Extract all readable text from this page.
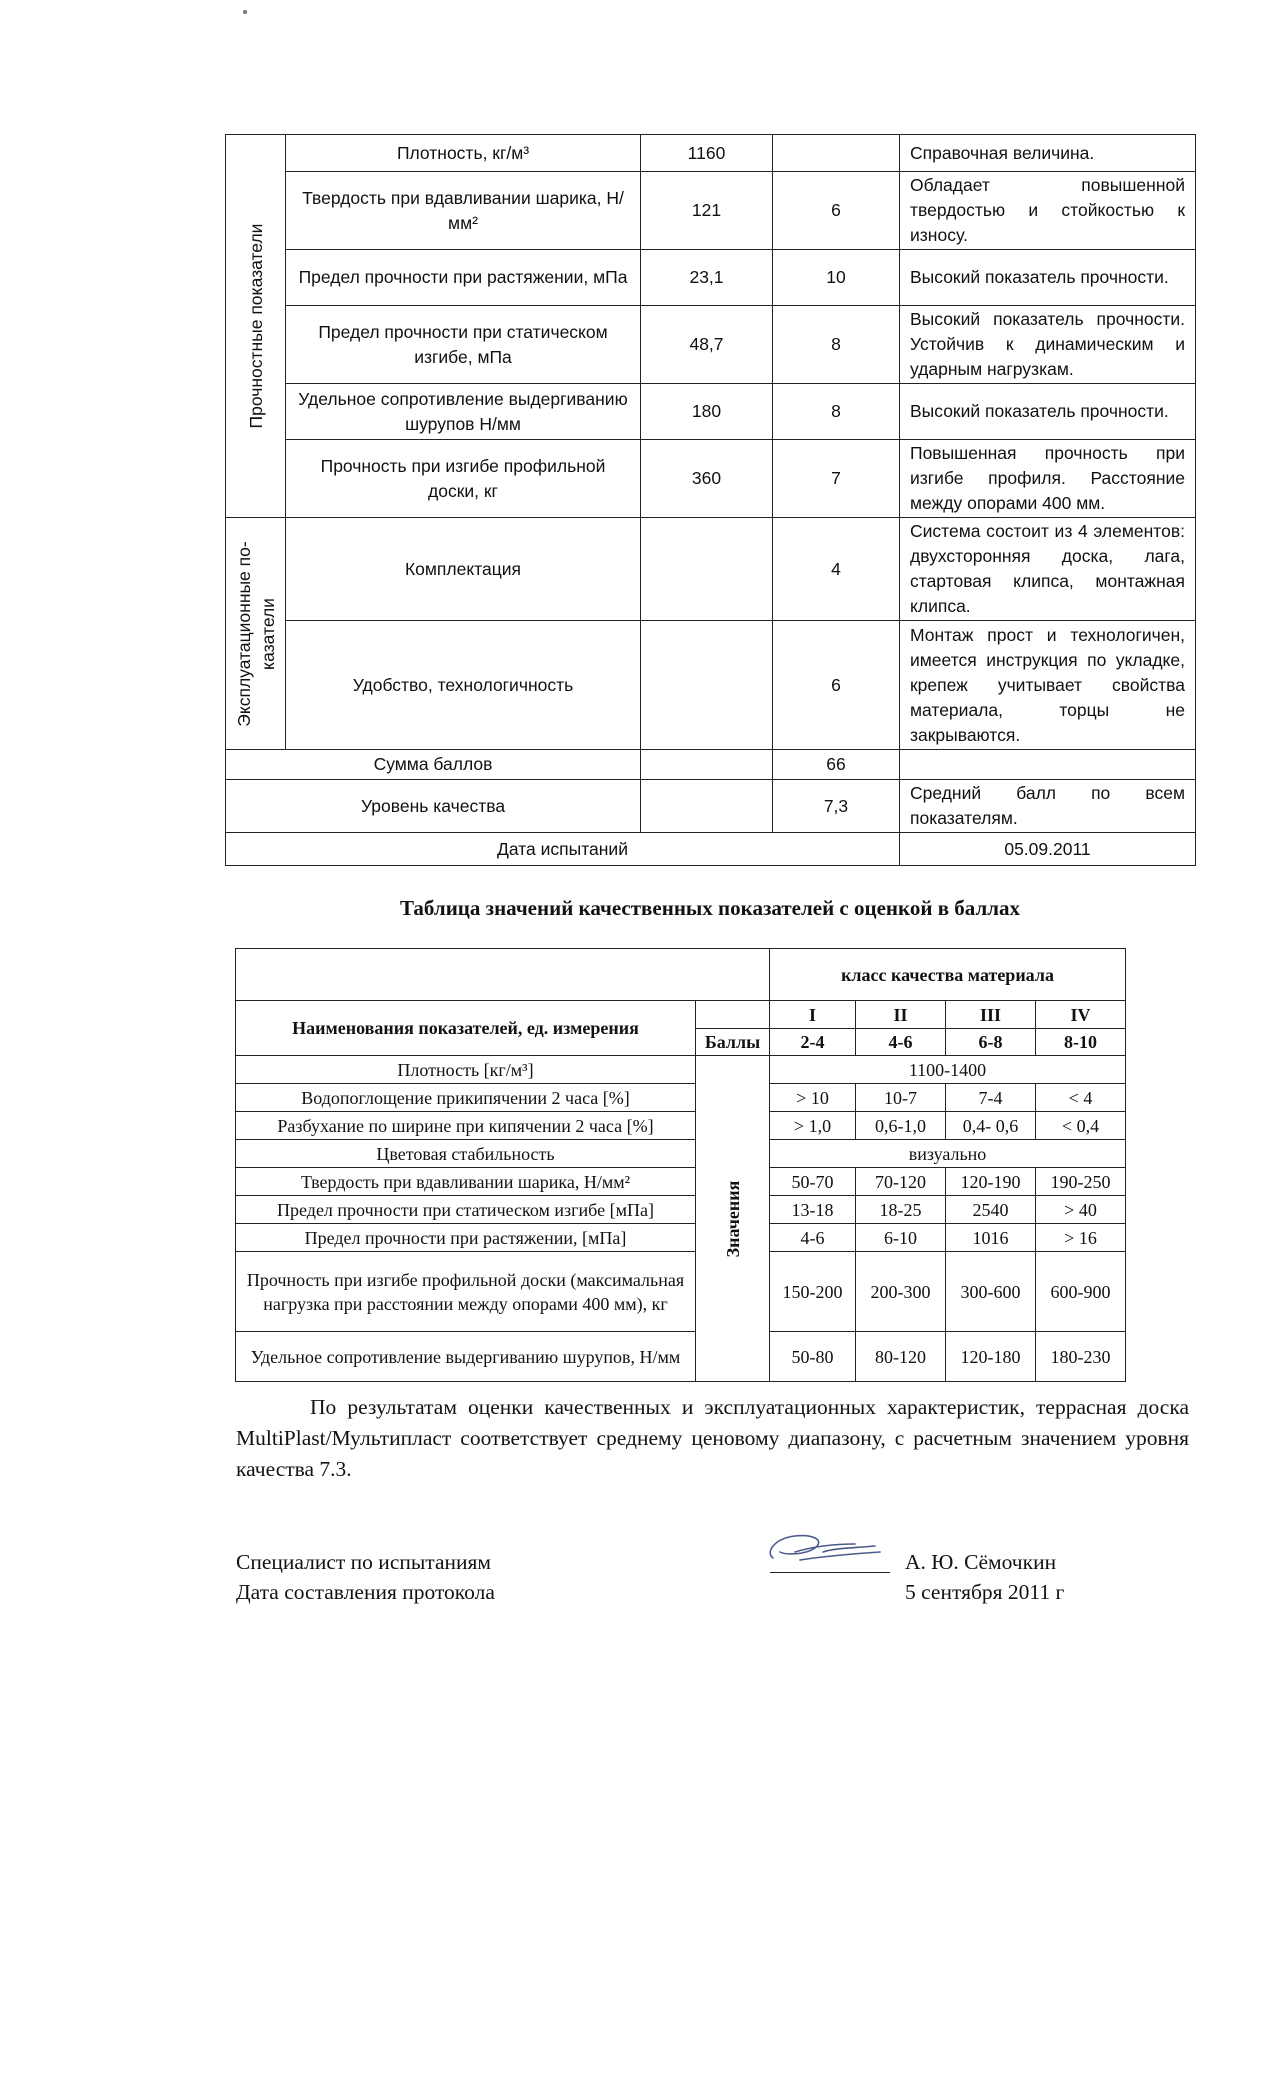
Прочностные показатели	Плотность, кг/м³	1160		Справочная величина.
	Твердость при вдавливании шарика, Н/мм²	121	6	Обладает повышенной твердостью и стойкостью к износу.
	Предел прочности при растяжении, мПа	23,1	10	Высокий показатель прочности.
	Предел прочности при статическом изгибе, мПа	48,7	8	Высокий показатель прочности. Устойчив к динамическим и ударным нагрузкам.
	Удельное сопротивление выдергиванию шурупов Н/мм	180	8	Высокий показатель прочности.
	Прочность при изгибе профильной доски, кг	360	7	Повышенная прочность при изгибе профиля. Расстояние между опорами 400 мм.

Эксплуатационные по-казатели	Комплектация		4	Система состоит из 4 элементов: двухсторонняя доска, лага, стартовая клипса, монтажная клипса.
	Удобство, технологичность		6	Монтаж прост и технологичен, имеется инструкция по укладке, крепеж учитывает свойства материала, торцы не закрываются.
Сумма баллов			66	
Уровень качества			7,3	Средний балл по всем показателям.
Дата испытаний				05.09.2011
Таблица значений качественных показателей с оценкой в баллах
		класс качества материала			
Наименования показателей, ед. измерения		I	II	III	IV
	Баллы	2-4	4-6	6-8	8-10
Плотность [кг/м³]	Значения	1100-1400			
Водопоглощение прикипячении 2 часа [%]		> 10	10-7	7-4	< 4
Разбухание по ширине при кипячении 2 часа [%]		> 1,0	0,6-1,0	0,4- 0,6	< 0,4
Цветовая стабильность		визуально			
Твердость при вдавливании шарика, Н/мм²		50-70	70-120	120-190	190-250
Предел прочности при статическом изгибе [мПа]		13-18	18-25	2540	> 40
Предел прочности при растяжении, [мПа]		4-6	6-10	1016	> 16
Прочность при изгибе профильной доски (максимальная нагрузка при расстоянии между опорами 400 мм), кг		150-200	200-300	300-600	600-900
Удельное сопротивление выдергиванию шурупов, Н/мм		50-80	80-120	120-180	180-230

По результатам оценки качественных и эксплуатационных характеристик, террасная доска MultiPlast/Мультипласт соответствует среднему ценовому диапазону, с расчетным значением уровня качества 7.3.

Специалист по испытаниям
Дата составления протокола
А. Ю. Сёмочкин
5 сентября 2011 г
